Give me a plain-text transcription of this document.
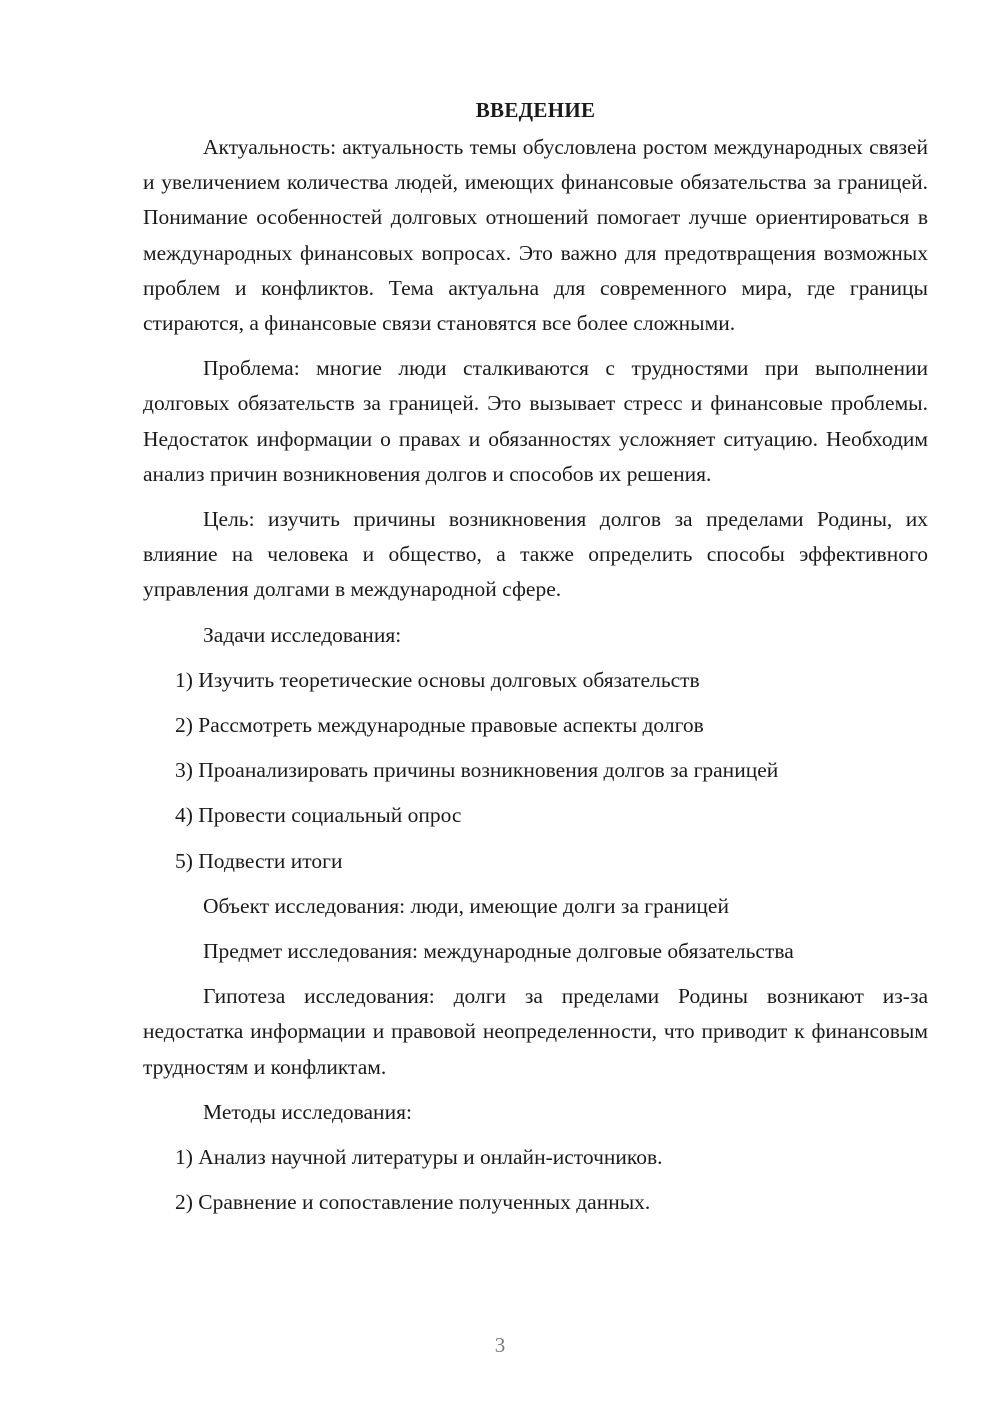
ВВЕДЕНИЕ

Актуальность: актуальность темы обусловлена ростом международных связей и увеличением количества людей, имеющих финансовые обязательства за границей. Понимание особенностей долговых отношений помогает лучше ориентироваться в международных финансовых вопросах. Это важно для предотвращения возможных проблем и конфликтов. Тема актуальна для современного мира, где границы стираются, а финансовые связи становятся все более сложными.

Проблема: многие люди сталкиваются с трудностями при выполнении долговых обязательств за границей. Это вызывает стресс и финансовые проблемы. Недостаток информации о правах и обязанностях усложняет ситуацию. Необходим анализ причин возникновения долгов и способов их решения.

Цель: изучить причины возникновения долгов за пределами Родины, их влияние на человека и общество, а также определить способы эффективного управления долгами в международной сфере.

Задачи исследования:

1) Изучить теоретические основы долговых обязательств

2) Рассмотреть международные правовые аспекты долгов

3) Проанализировать причины возникновения долгов за границей

4) Провести социальный опрос

5) Подвести итоги

Объект исследования: люди, имеющие долги за границей

Предмет исследования: международные долговые обязательства

Гипотеза исследования: долги за пределами Родины возникают из-за недостатка информации и правовой неопределенности, что приводит к финансовым трудностям и конфликтам.

Методы исследования:

1) Анализ научной литературы и онлайн-источников.

2) Сравнение и сопоставление полученных данных.

3
